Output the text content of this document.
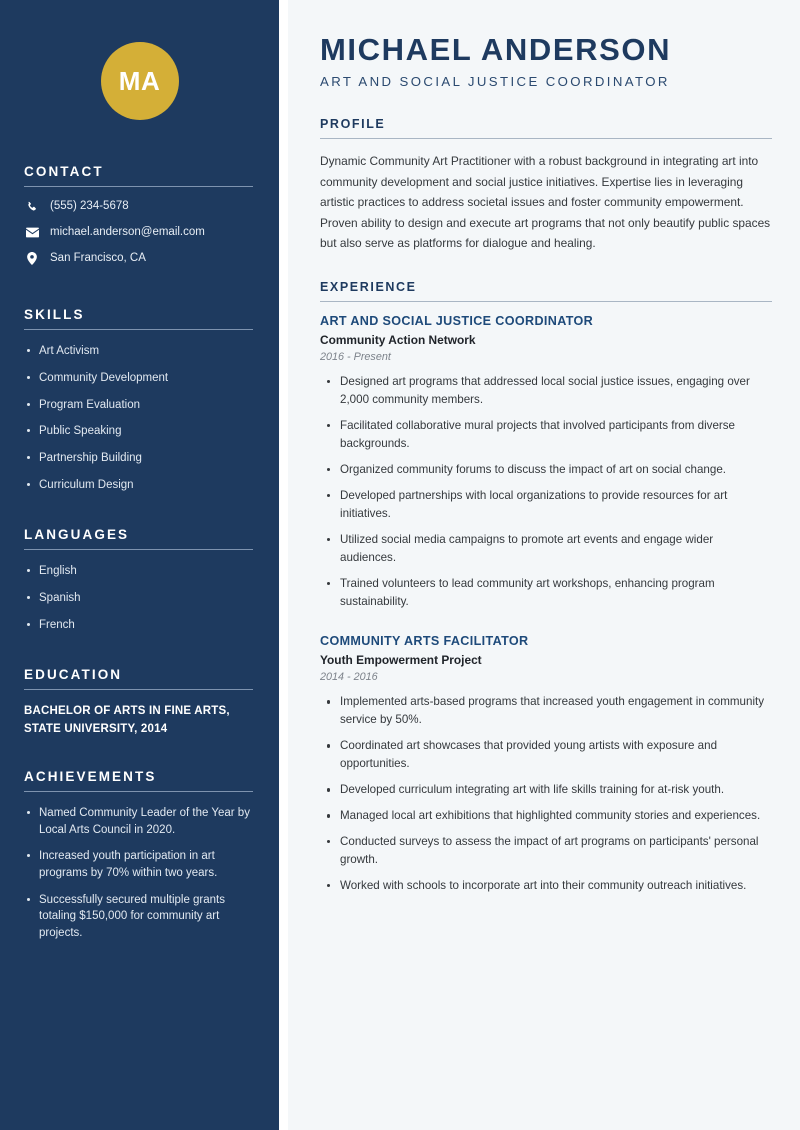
MA
CONTACT
(555) 234-5678
michael.anderson@email.com
San Francisco, CA
SKILLS
Art Activism
Community Development
Program Evaluation
Public Speaking
Partnership Building
Curriculum Design
LANGUAGES
English
Spanish
French
EDUCATION
BACHELOR OF ARTS IN FINE ARTS,
STATE UNIVERSITY, 2014
ACHIEVEMENTS
Named Community Leader of the Year by Local Arts Council in 2020.
Increased youth participation in art programs by 70% within two years.
Successfully secured multiple grants totaling $150,000 for community art projects.
MICHAEL ANDERSON
ART AND SOCIAL JUSTICE COORDINATOR
PROFILE

Dynamic Community Art Practitioner with a robust background in integrating art into community development and social justice initiatives. Expertise lies in leveraging artistic practices to address societal issues and foster community empowerment. Proven ability to design and execute art programs that not only beautify public spaces but also serve as platforms for dialogue and healing.

EXPERIENCE
ART AND SOCIAL JUSTICE COORDINATOR
Community Action Network
2016 - Present
Designed art programs that addressed local social justice issues, engaging over 2,000 community members.
Facilitated collaborative mural projects that involved participants from diverse backgrounds.
Organized community forums to discuss the impact of art on social change.
Developed partnerships with local organizations to provide resources for art initiatives.
Utilized social media campaigns to promote art events and engage wider audiences.
Trained volunteers to lead community art workshops, enhancing program sustainability.
COMMUNITY ARTS FACILITATOR
Youth Empowerment Project
2014 - 2016
Implemented arts-based programs that increased youth engagement in community service by 50%.
Coordinated art showcases that provided young artists with exposure and opportunities.
Developed curriculum integrating art with life skills training for at-risk youth.
Managed local art exhibitions that highlighted community stories and experiences.
Conducted surveys to assess the impact of art programs on participants' personal growth.
Worked with schools to incorporate art into their community outreach initiatives.
